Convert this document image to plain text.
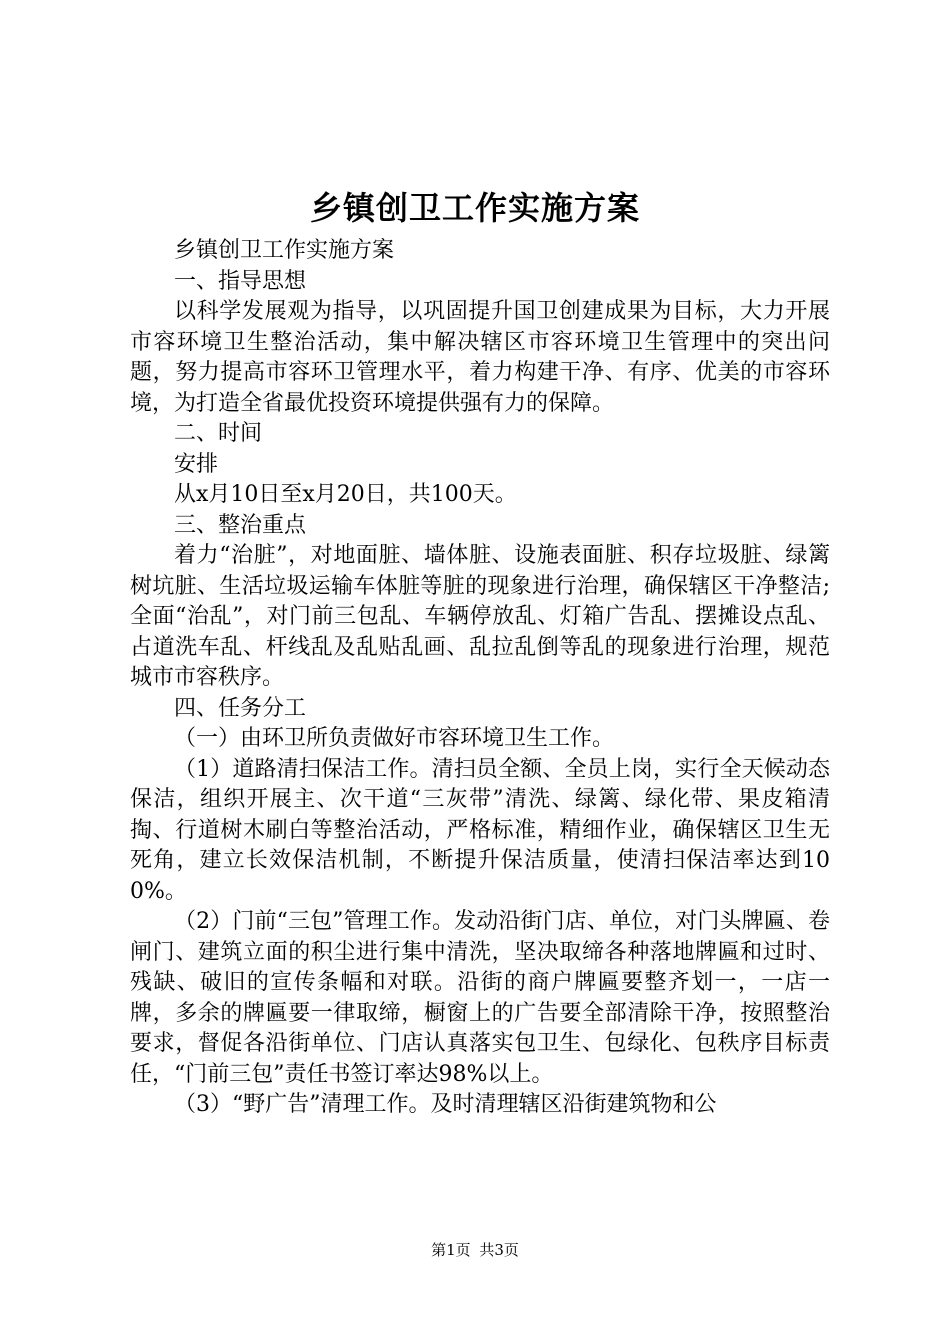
乡镇创卫工作实施方案

乡镇创卫工作实施方案

一、指导思想

以科学发展观为指导，以巩固提升国卫创建成果为目标，大力开展市容环境卫生整治活动，集中解决辖区市容环境卫生管理中的突出问题，努力提高市容环卫管理水平，着力构建干净、有序、优美的市容环境，为打造全省最优投资环境提供强有力的保障。

二、时间

安排

从x月10日至x月20日，共100天。

三、整治重点

着力“治脏”，对地面脏、墙体脏、设施表面脏、积存垃圾脏、绿篱树坑脏、生活垃圾运输车体脏等脏的现象进行治理，确保辖区干净整洁;全面“治乱”，对门前三包乱、车辆停放乱、灯箱广告乱、摆摊设点乱、占道洗车乱、杆线乱及乱贴乱画、乱拉乱倒等乱的现象进行治理，规范城市市容秩序。

四、任务分工

（一）由环卫所负责做好市容环境卫生工作。

（1）道路清扫保洁工作。清扫员全额、全员上岗，实行全天候动态保洁，组织开展主、次干道“三灰带”清洗、绿篱、绿化带、果皮箱清掏、行道树木刷白等整治活动，严格标准，精细作业，确保辖区卫生无死角，建立长效保洁机制，不断提升保洁质量，使清扫保洁率达到100%。

（2）门前“三包”管理工作。发动沿街门店、单位，对门头牌匾、卷闸门、建筑立面的积尘进行集中清洗，坚决取缔各种落地牌匾和过时、残缺、破旧的宣传条幅和对联。沿街的商户牌匾要整齐划一，一店一牌，多余的牌匾要一律取缔，橱窗上的广告要全部清除干净，按照整治要求，督促各沿街单位、门店认真落实包卫生、包绿化、包秩序目标责任，“门前三包”责任书签订率达98%以上。

（3）“野广告”清理工作。及时清理辖区沿街建筑物和公

第1页 共3页
